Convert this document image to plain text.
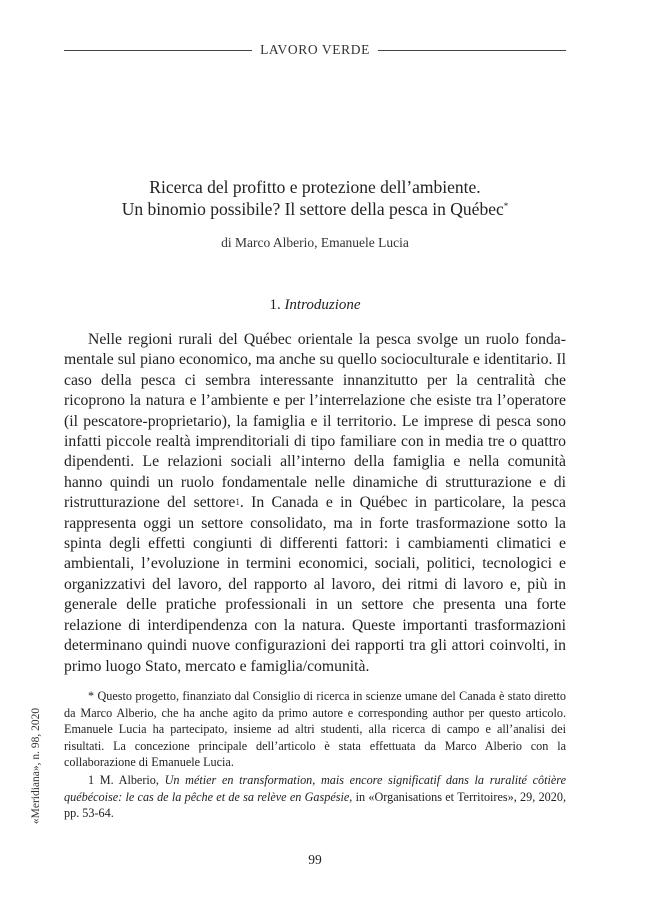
LAVORO VERDE
Ricerca del profitto e protezione dell’ambiente.
Un binomio possibile? Il settore della pesca in Québec*
di Marco Alberio, Emanuele Lucia
1. Introduzione

Nelle regioni rurali del Québec orientale la pesca svolge un ruolo fondamentale sul piano economico, ma anche su quello socioculturale e identitario. Il caso della pesca ci sembra interessante innanzitutto per la centralità che ricoprono la natura e l’ambiente e per l’interrelazione che esiste tra l’operatore (il pescatore-proprietario), la famiglia e il territorio. Le imprese di pesca sono infatti piccole realtà imprenditoriali di tipo familiare con in media tre o quattro dipendenti. Le relazioni sociali all’interno della famiglia e nella comunità hanno quindi un ruolo fondamentale nelle dinamiche di strutturazione e di ristrutturazione del settore$^1$. In Canada e in Québec in particolare, la pesca rappresenta oggi un settore consolidato, ma in forte trasformazione sotto la spinta degli effetti congiunti di differenti fattori: i cambiamenti climatici e ambientali, l’evoluzione in termini economici, sociali, politici, tecnologici e organizzativi del lavoro, del rapporto al lavoro, dei ritmi di lavoro e, più in generale delle pratiche professionali in un settore che presenta una forte relazione di interdipendenza con la natura. Queste importanti trasformazioni determinano quindi nuove configurazioni dei rapporti tra gli attori coinvolti, in primo luogo Stato, mercato e famiglia/comunità.

* Questo progetto, finanziato dal Consiglio di ricerca in scienze umane del Canada è stato diretto da Marco Alberio, che ha anche agito da primo autore e corresponding author per questo articolo. Emanuele Lucia ha partecipato, insieme ad altri studenti, alla ricerca di campo e all’analisi dei risultati. La concezione principale dell’articolo è stata effettuata da Marco Alberio con la collaborazione di Emanuele Lucia.

1 M. Alberio, Un métier en transformation, mais encore significatif dans la ruralité côtière québécoise: le cas de la pêche et de sa relève en Gaspésie, in «Organisations et Territoires», 29, 2020, pp. 53-64.

«Meridiana», n. 98, 2020
99
